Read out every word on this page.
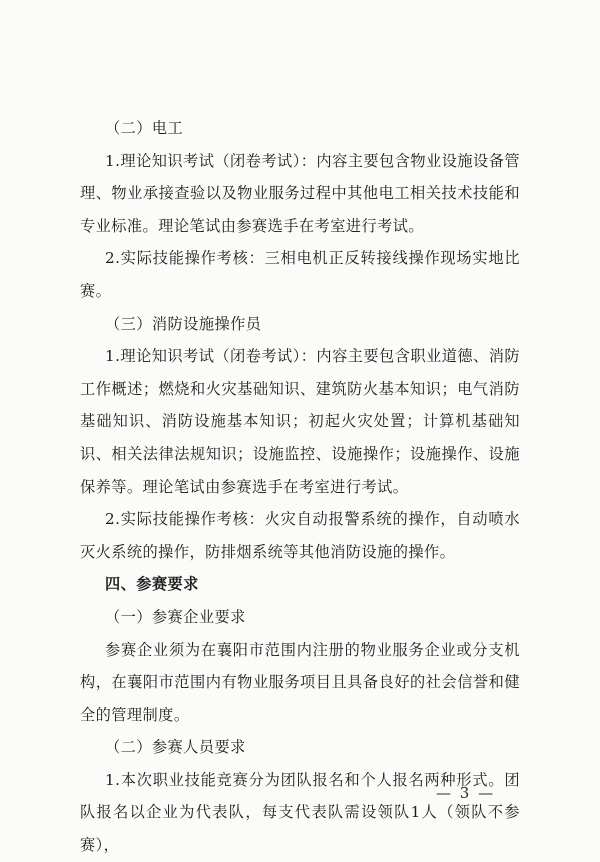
（二）电工

1.理论知识考试（闭卷考试）：内容主要包含物业设施设备管理、物业承接查验以及物业服务过程中其他电工相关技术技能和专业标准。理论笔试由参赛选手在考室进行考试。

2.实际技能操作考核：三相电机正反转接线操作现场实地比赛。

（三）消防设施操作员

1.理论知识考试（闭卷考试）：内容主要包含职业道德、消防工作概述；燃烧和火灾基础知识、建筑防火基本知识；电气消防基础知识、消防设施基本知识；初起火灾处置；计算机基础知识、相关法律法规知识；设施监控、设施操作；设施操作、设施保养等。理论笔试由参赛选手在考室进行考试。

2.实际技能操作考核：火灾自动报警系统的操作，自动喷水灭火系统的操作，防排烟系统等其他消防设施的操作。

四、参赛要求

（一）参赛企业要求

参赛企业须为在襄阳市范围内注册的物业服务企业或分支机构，在襄阳市范围内有物业服务项目且具备良好的社会信誉和健全的管理制度。

（二）参赛人员要求

1.本次职业技能竞赛分为团队报名和个人报名两种形式。团队报名以企业为代表队，每支代表队需设领队1人（领队不参赛），

— 3 —
